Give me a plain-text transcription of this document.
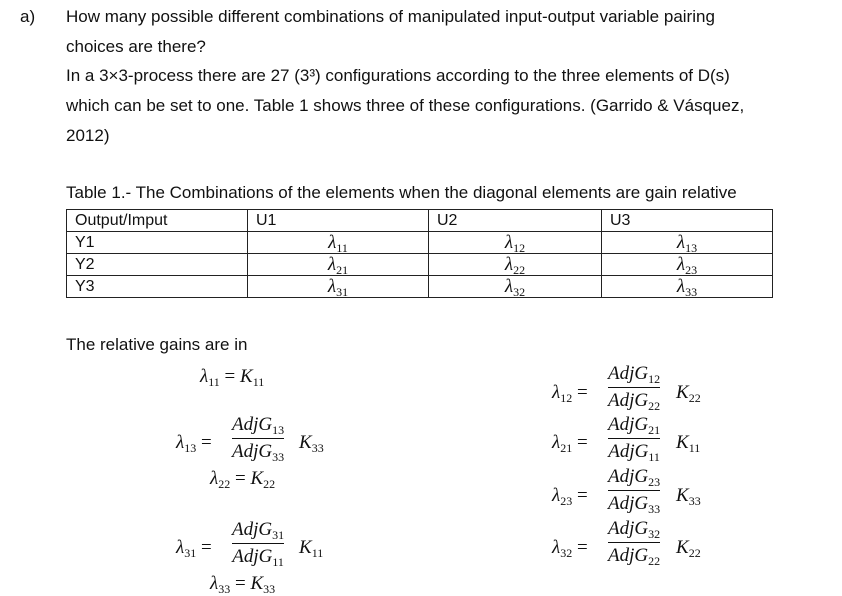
a) How many possible different combinations of manipulated input-output variable pairing
choices are there?
In a 3×3-process there are 27 (3³) configurations according to the three elements of D(s)
which can be set to one. Table 1 shows three of these configurations. (Garrido & Vásquez,
2012)
Table 1.- The Combinations of the elements when the diagonal elements are gain relative
Output/Imput	U1	U2	U3
Y1	$\lambda_{11}$	$\lambda_{12}$	$\lambda_{13}$
Y2	$\lambda_{21}$	$\lambda_{22}$	$\lambda_{23}$
Y3	$\lambda_{31}$	$\lambda_{32}$	$\lambda_{33}$
The relative gains are in
$\lambda_{11} = K_{11}$
$\lambda_{13}$ =
AdjG$_{13}$
AdjG$_{33}$
$K_{33}$
$\lambda_{22} = K_{22}$
$\lambda_{31}$ =
AdjG$_{31}$
AdjG$_{11}$
$K_{11}$
$\lambda_{33} = K_{33}$
$\lambda_{12}$ =
AdjG$_{12}$
AdjG$_{22}$
$K_{22}$
$\lambda_{21}$ =
AdjG$_{21}$
AdjG$_{11}$
$K_{11}$
$\lambda_{23}$ =
AdjG$_{23}$
AdjG$_{33}$
$K_{33}$
$\lambda_{32}$ =
AdjG$_{32}$
AdjG$_{22}$
$K_{22}$
